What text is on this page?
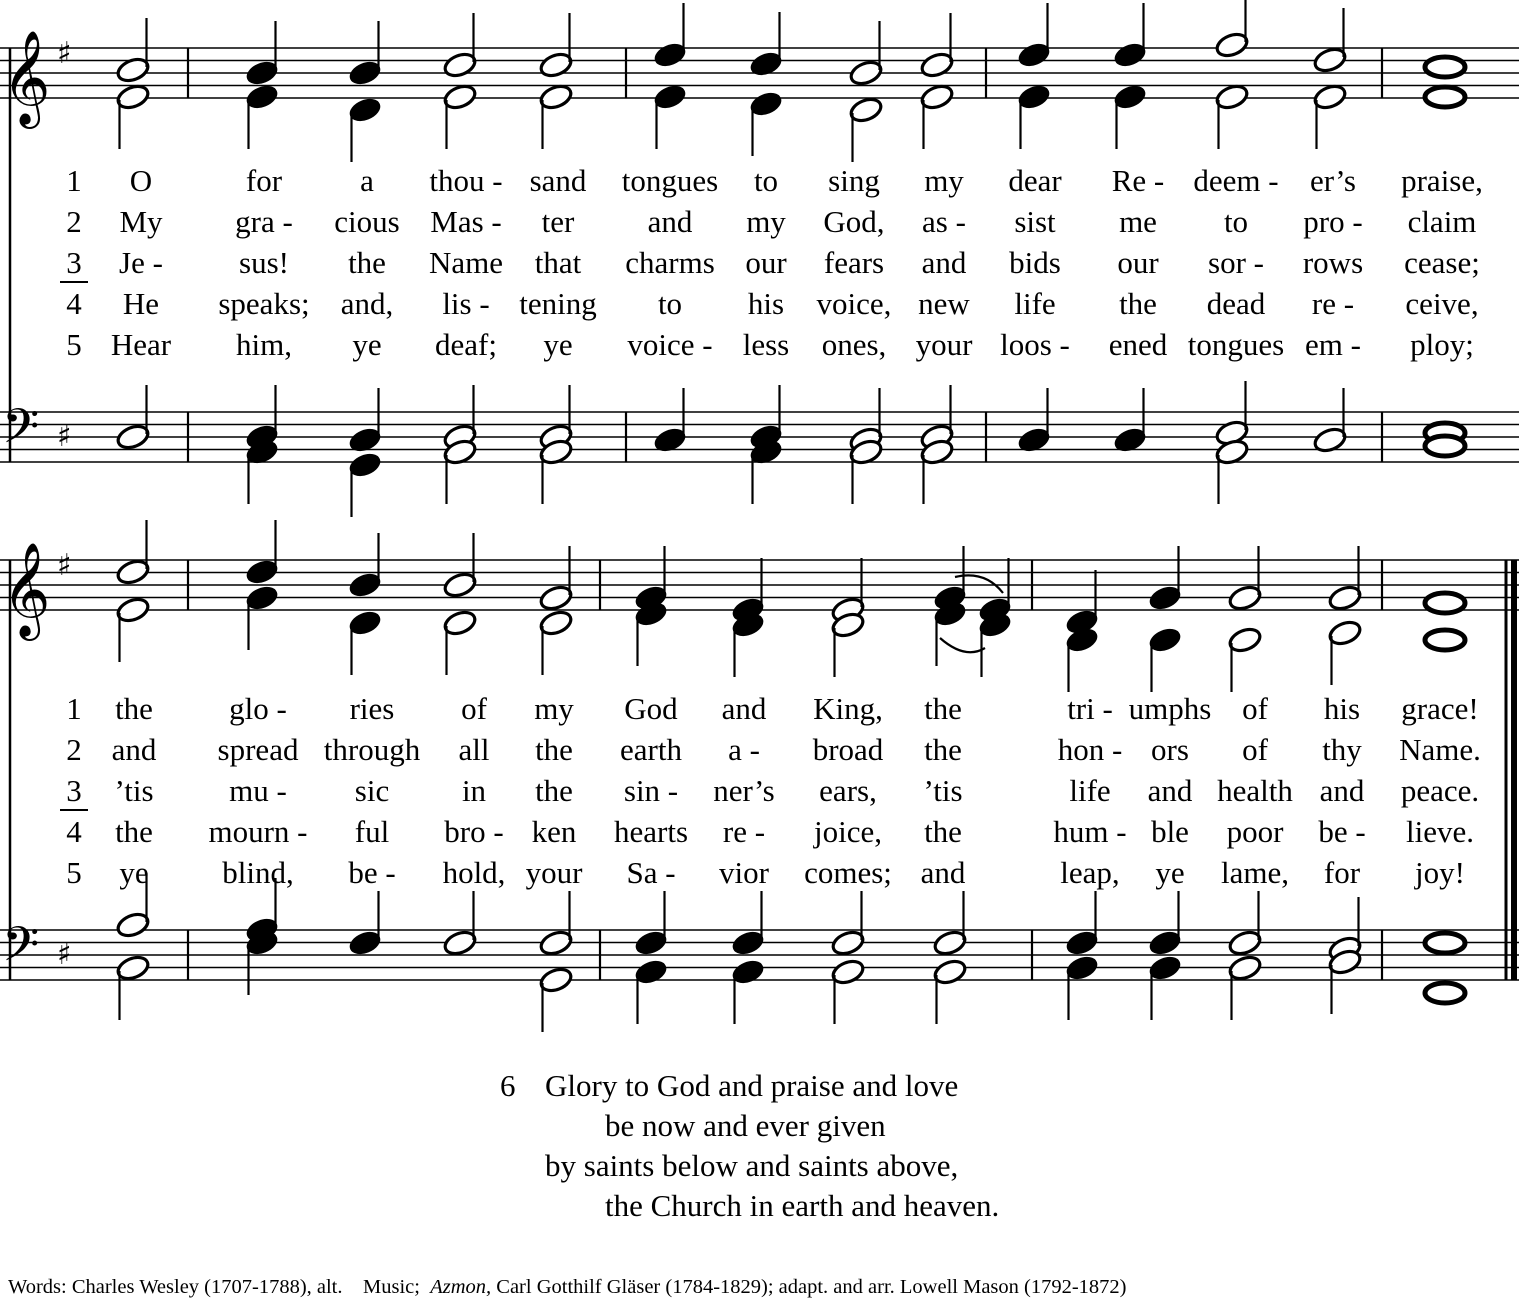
𝄞 ♯
𝄢 ♯
𝄞 ♯
𝄢 ♯
1 O	for	a thou - sand tongues to sing my dear Re - deem - er’s praise,
2 My gra - cious Mas - ter and my God, as - sist me to pro - claim
3 Je - sus! the Name that charms our fears and bids our sor - rows cease;
4 He speaks; and, lis - tening to his voice, new life the dead re - ceive,
5 Hear him, ye deaf; ye voice - less ones, your loos - ened tongues em - ploy;
1 the glo - ries of my God and King, the	tri - umphs of his grace!
2 and spread through all the earth a - broad the	hon - ors of thy Name.
3 ’tis mu - sic in the sin - ner’s ears, ’tis	life and health and peace.
4 the mourn - ful bro - ken hearts re - joice, the	hum - ble poor be - lieve.
5 ye blind, be - hold, your Sa - vior comes; and	leap, ye lame, for joy!
6 Glory to God and praise and love
be now and ever given
by saints below and saints above,
the Church in earth and heaven.
Words: Charles Wesley (1707-1788), alt. Music; Azmon, Carl Gotthilf Gläser (1784-1829); adapt. and arr. Lowell Mason (1792-1872)
